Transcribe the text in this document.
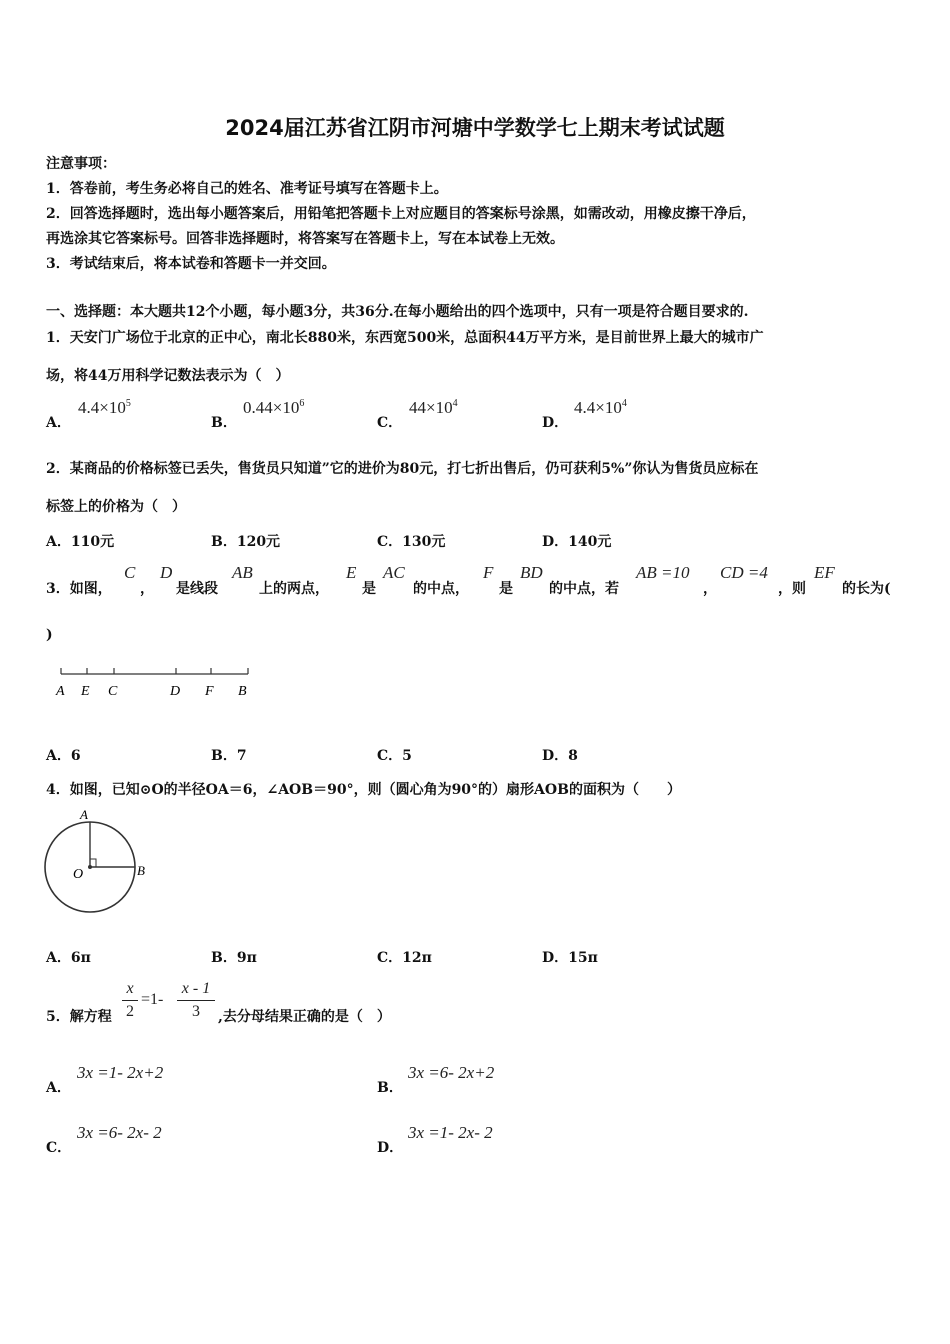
2024届江苏省江阴市河塘中学数学七上期末考试试题
注意事项：
1．答卷前，考生务必将自己的姓名、准考证号填写在答题卡上。
2．回答选择题时，选出每小题答案后，用铅笔把答题卡上对应题目的答案标号涂黑，如需改动，用橡皮擦干净后，
再选涂其它答案标号。回答非选择题时，将答案写在答题卡上，写在本试卷上无效。
3．考试结束后，将本试卷和答题卡一并交回。
一、选择题：本大题共12个小题，每小题3分，共36分.在每小题给出的四个选项中，只有一项是符合题目要求的.
1．天安门广场位于北京的正中心，南北长880米，东西宽500米，总面积44万平方米，是目前世界上最大的城市广
场，将44万用科学记数法表示为（　）
A．
$4.4\times 10^5$
B．
$0.44\times 10^6$
C．
$44\times 10^4$
D．
$4.4\times 10^4$
2．某商品的价格标签已丢失，售货员只知道”它的进价为80元，打七折出售后，仍可获利5%”你认为售货员应标在
标签上的价格为（　）
A．110元	B．120元	C．130元	D．140元
3．如图，
C
，
D
是线段
AB
上的两点，
E
是
AC
的中点，
F
是
BD
的中点，若
AB =10
，
CD =4
，则
EF
的长为(
)
A E C	D F B
A．6	B．7	C．5	D．8
4．如图，已知⊙O的半径OA＝6，∠AOB＝90°，则（圆心角为90°的）扇形AOB的面积为（　　）
A
O	B
A．6π	B．9π	C．12π	D．15π
5．解方程
x
2
=1-
x - 1
3	,去分母结果正确的是（　）
A．
3x =1- 2x+2
B．
3x =6- 2x+2
C．
3x =6- 2x- 2
D．
3x =1- 2x- 2
